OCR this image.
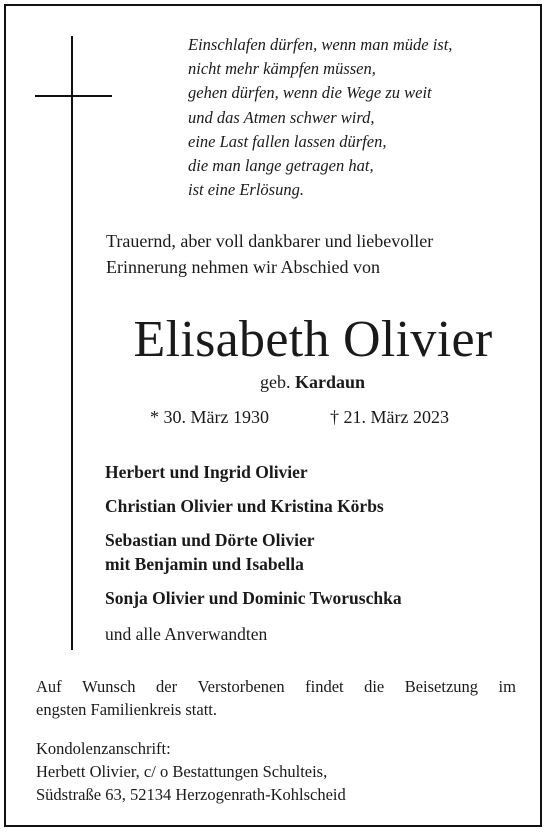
Einschlafen dürfen, wenn man müde ist,
nicht mehr kämpfen müssen,
gehen dürfen, wenn die Wege zu weit
und das Atmen schwer wird,
eine Last fallen lassen dürfen,
die man lange getragen hat,
ist eine Erlösung.
Trauernd, aber voll dankbarer und liebevoller
Erinnerung nehmen wir Abschied von
Elisabeth Olivier
geb. Kardaun
* 30. März 1930	† 21. März 2023
Herbert und Ingrid Olivier
Christian Olivier und Kristina Körbs
Sebastian und Dörte Olivier
mit Benjamin und Isabella
Sonja Olivier und Dominic Tworuschka
und alle Anverwandten
Auf Wunsch der Verstorbenen findet die Beisetzung im
engsten Familienkreis statt.
Kondolenzanschrift:
Herbett Olivier, c/ o Bestattungen Schulteis,
Südstraße 63, 52134 Herzogenrath-Kohlscheid
